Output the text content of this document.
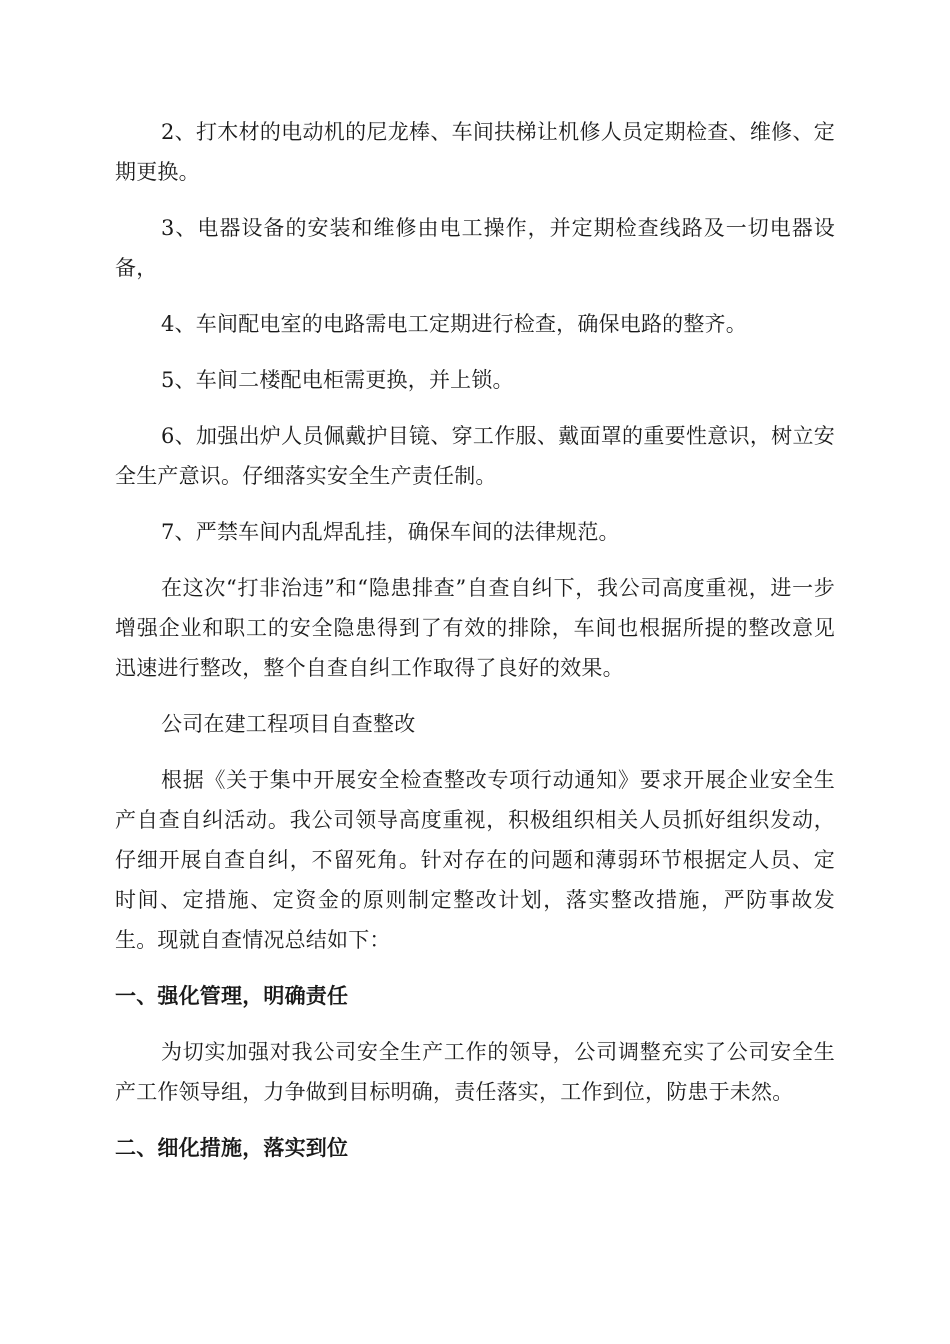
2、打木材的电动机的尼龙棒、车间扶梯让机修人员定期检查、维修、定期更换。

3、电器设备的安装和维修由电工操作，并定期检查线路及一切电器设备，

4、车间配电室的电路需电工定期进行检查，确保电路的整齐。

5、车间二楼配电柜需更换，并上锁。

6、加强出炉人员佩戴护目镜、穿工作服、戴面罩的重要性意识，树立安全生产意识。仔细落实安全生产责任制。

7、严禁车间内乱焊乱挂，确保车间的法律规范。

在这次“打非治违”和“隐患排查”自查自纠下，我公司高度重视，进一步增强企业和职工的安全隐患得到了有效的排除，车间也根据所提的整改意见迅速进行整改，整个自查自纠工作取得了良好的效果。

公司在建工程项目自查整改

根据《关于集中开展安全检查整改专项行动通知》要求开展企业安全生产自查自纠活动。我公司领导高度重视，积极组织相关人员抓好组织发动，仔细开展自查自纠，不留死角。针对存在的问题和薄弱环节根据定人员、定时间、定措施、定资金的原则制定整改计划，落实整改措施，严防事故发生。现就自查情况总结如下：

一、强化管理，明确责任

为切实加强对我公司安全生产工作的领导，公司调整充实了公司安全生产工作领导组，力争做到目标明确，责任落实，工作到位，防患于未然。

二、细化措施，落实到位
